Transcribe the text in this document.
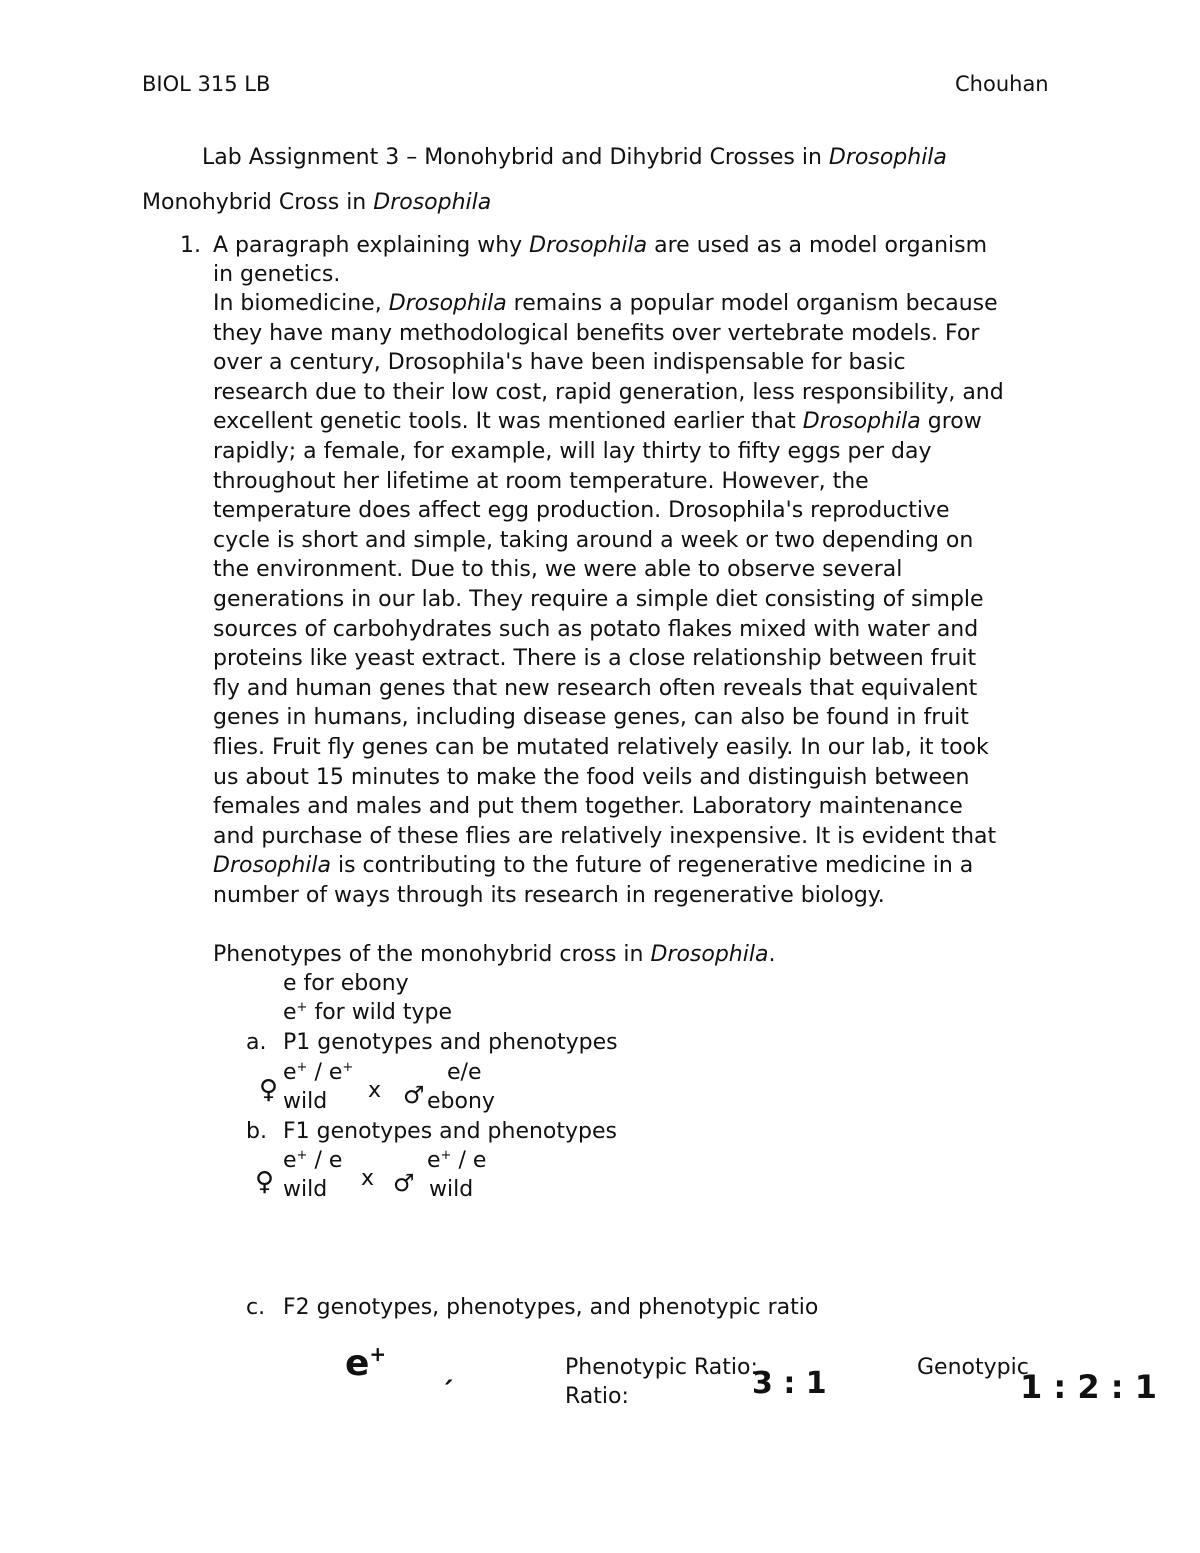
BIOL 315 LB	Chouhan
Lab Assignment 3 – Monohybrid and Dihybrid Crosses in Drosophila
Monohybrid Cross in Drosophila
1. A paragraph explaining why Drosophila are used as a model organism
in genetics.
In biomedicine, Drosophila remains a popular model organism because
they have many methodological benefits over vertebrate models. For
over a century, Drosophila's have been indispensable for basic
research due to their low cost, rapid generation, less responsibility, and
excellent genetic tools. It was mentioned earlier that Drosophila grow
rapidly; a female, for example, will lay thirty to fifty eggs per day
throughout her lifetime at room temperature. However, the
temperature does affect egg production. Drosophila's reproductive
cycle is short and simple, taking around a week or two depending on
the environment. Due to this, we were able to observe several
generations in our lab. They require a simple diet consisting of simple
sources of carbohydrates such as potato flakes mixed with water and
proteins like yeast extract. There is a close relationship between fruit
fly and human genes that new research often reveals that equivalent
genes in humans, including disease genes, can also be found in fruit
flies. Fruit fly genes can be mutated relatively easily. In our lab, it took
us about 15 minutes to make the food veils and distinguish between
females and males and put them together. Laboratory maintenance
and purchase of these flies are relatively inexpensive. It is evident that
Drosophila is contributing to the future of regenerative medicine in a
number of ways through its research in regenerative biology.
Phenotypes of the monohybrid cross in Drosophila.
e for ebony
e+ for wild type
a. P1 genotypes and phenotypes
e+ / e+	e/e
♀ wild x ♂ ebony
b. F1 genotypes and phenotypes
e+ / e	e+ / e
♀ wild x ♂ wild
c. F2 genotypes, phenotypes, and phenotypic ratio
e+ ˏ	Phenotypic Ratio:
Ratio:	3 : 1	Genotypic
1 : 2 : 1
